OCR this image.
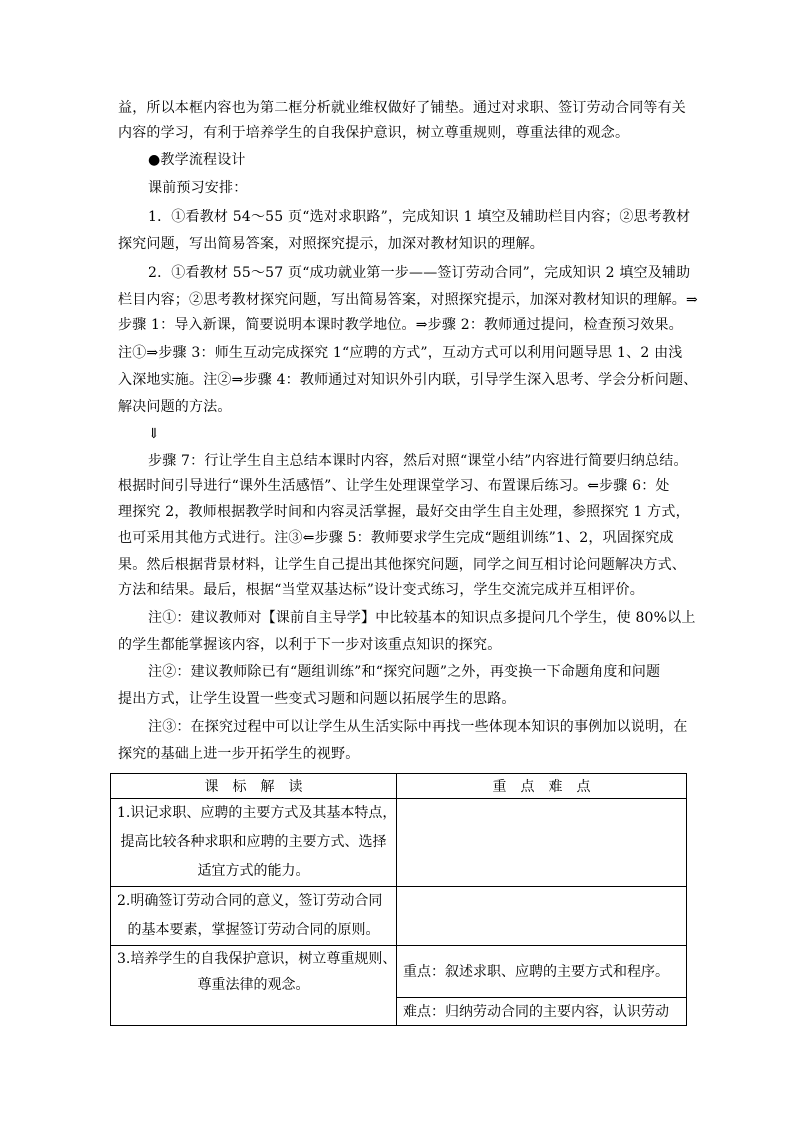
益，所以本框内容也为第二框分析就业维权做好了铺垫。通过对求职、签订劳动合同等有关
内容的学习，有利于培养学生的自我保护意识，树立尊重规则，尊重法律的观念。
●教学流程设计
课前预习安排：
1．①看教材 54～55 页“选对求职路”，完成知识 1 填空及辅助栏目内容；②思考教材
探究问题，写出简易答案，对照探究提示，加深对教材知识的理解。
2．①看教材 55～57 页“成功就业第一步——签订劳动合同”，完成知识 2 填空及辅助
栏目内容；②思考教材探究问题，写出简易答案，对照探究提示，加深对教材知识的理解。⇒
步骤 1：导入新课，简要说明本课时教学地位。⇒步骤 2：教师通过提问，检查预习效果。
注①⇒步骤 3：师生互动完成探究 1“应聘的方式”，互动方式可以利用问题导思 1、2 由浅
入深地实施。注②⇒步骤 4：教师通过对知识外引内联，引导学生深入思考、学会分析问题、
解决问题的方法。
⇓
步骤 7：行让学生自主总结本课时内容，然后对照“课堂小结”内容进行简要归纳总结。
根据时间引导进行“课外生活感悟”、让学生处理课堂学习、布置课后练习。⇐步骤 6：处
理探究 2，教师根据教学时间和内容灵活掌握，最好交由学生自主处理，参照探究 1 方式，
也可采用其他方式进行。注③⇐步骤 5：教师要求学生完成“题组训练”1、2，巩固探究成
果。然后根据背景材料，让学生自己提出其他探究问题，同学之间互相讨论问题解决方式、
方法和结果。最后，根据“当堂双基达标”设计变式练习，学生交流完成并互相评价。
注①：建议教师对【课前自主导学】中比较基本的知识点多提问几个学生，使 80%以上
的学生都能掌握该内容，以利于下一步对该重点知识的探究。
注②：建议教师除已有“题组训练”和“探究问题”之外，再变换一下命题角度和问题
提出方式，让学生设置一些变式习题和问题以拓展学生的思路。
注③：在探究过程中可以让学生从生活实际中再找一些体现本知识的事例加以说明，在
探究的基础上进一步开拓学生的视野。
课　标　解　读	重　点　难　点

1.识记求职、应聘的主要方式及其基本特点，
提高比较各种求职和应聘的主要方式、选择
适宜方式的能力。	

2.明确签订劳动合同的意义，签订劳动合同
的基本要素，掌握签订劳动合同的原则。	

3.培养学生的自我保护意识，树立尊重规则、
尊重法律的观念。	重点：叙述求职、应聘的主要方式和程序。
	难点：归纳劳动合同的主要内容，认识劳动
